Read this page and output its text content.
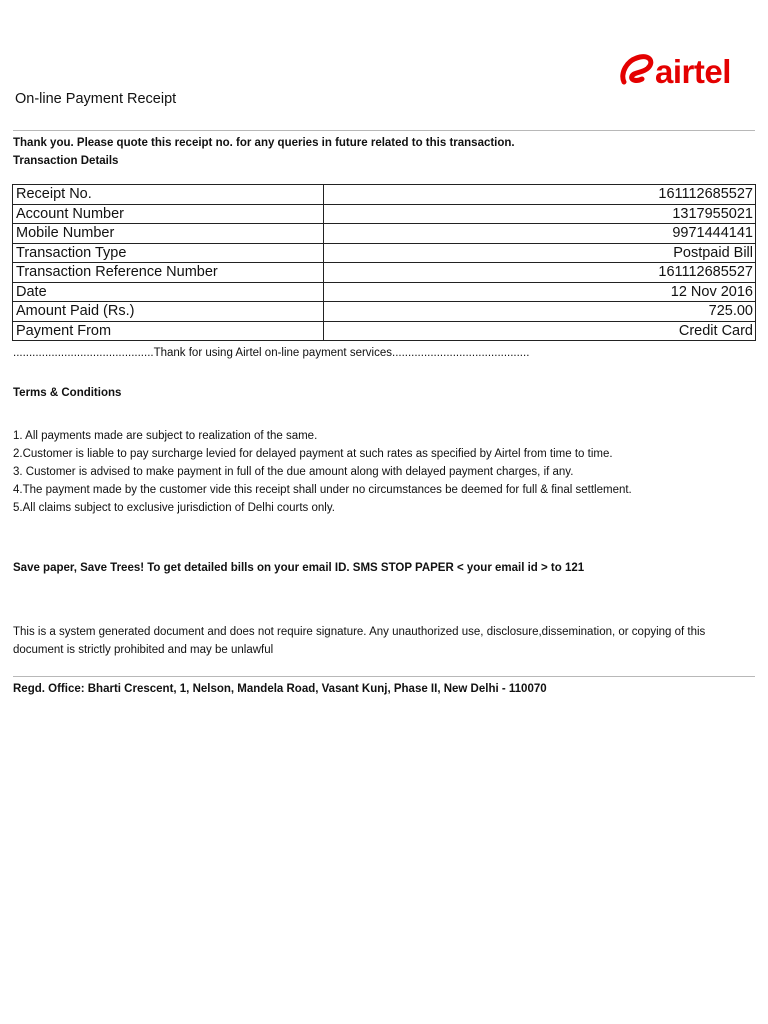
airtel
On-line Payment Receipt
Thank you. Please quote this receipt no. for any queries in future related to this transaction.
Transaction Details
Receipt No.	161112685527
Account Number	1317955021
Mobile Number	9971444141
Transaction Type	Postpaid Bill
Transaction Reference Number	161112685527
Date	12 Nov 2016
Amount Paid (Rs.)	725.00
Payment From	Credit Card
............................................Thank for using Airtel on-line payment services...........................................
Terms & Conditions
1. All payments made are subject to realization of the same.
2.Customer is liable to pay surcharge levied for delayed payment at such rates as specified by Airtel from time to time.
3. Customer is advised to make payment in full of the due amount along with delayed payment charges, if any.
4.The payment made by the customer vide this receipt shall under no circumstances be deemed for full & final settlement.
5.All claims subject to exclusive jurisdiction of Delhi courts only.
Save paper, Save Trees! To get detailed bills on your email ID. SMS STOP PAPER < your email id > to 121
This is a system generated document and does not require signature. Any unauthorized use, disclosure,dissemination, or copying of this document is strictly prohibited and may be unlawful
Regd. Office: Bharti Crescent, 1, Nelson, Mandela Road, Vasant Kunj, Phase II, New Delhi - 110070
